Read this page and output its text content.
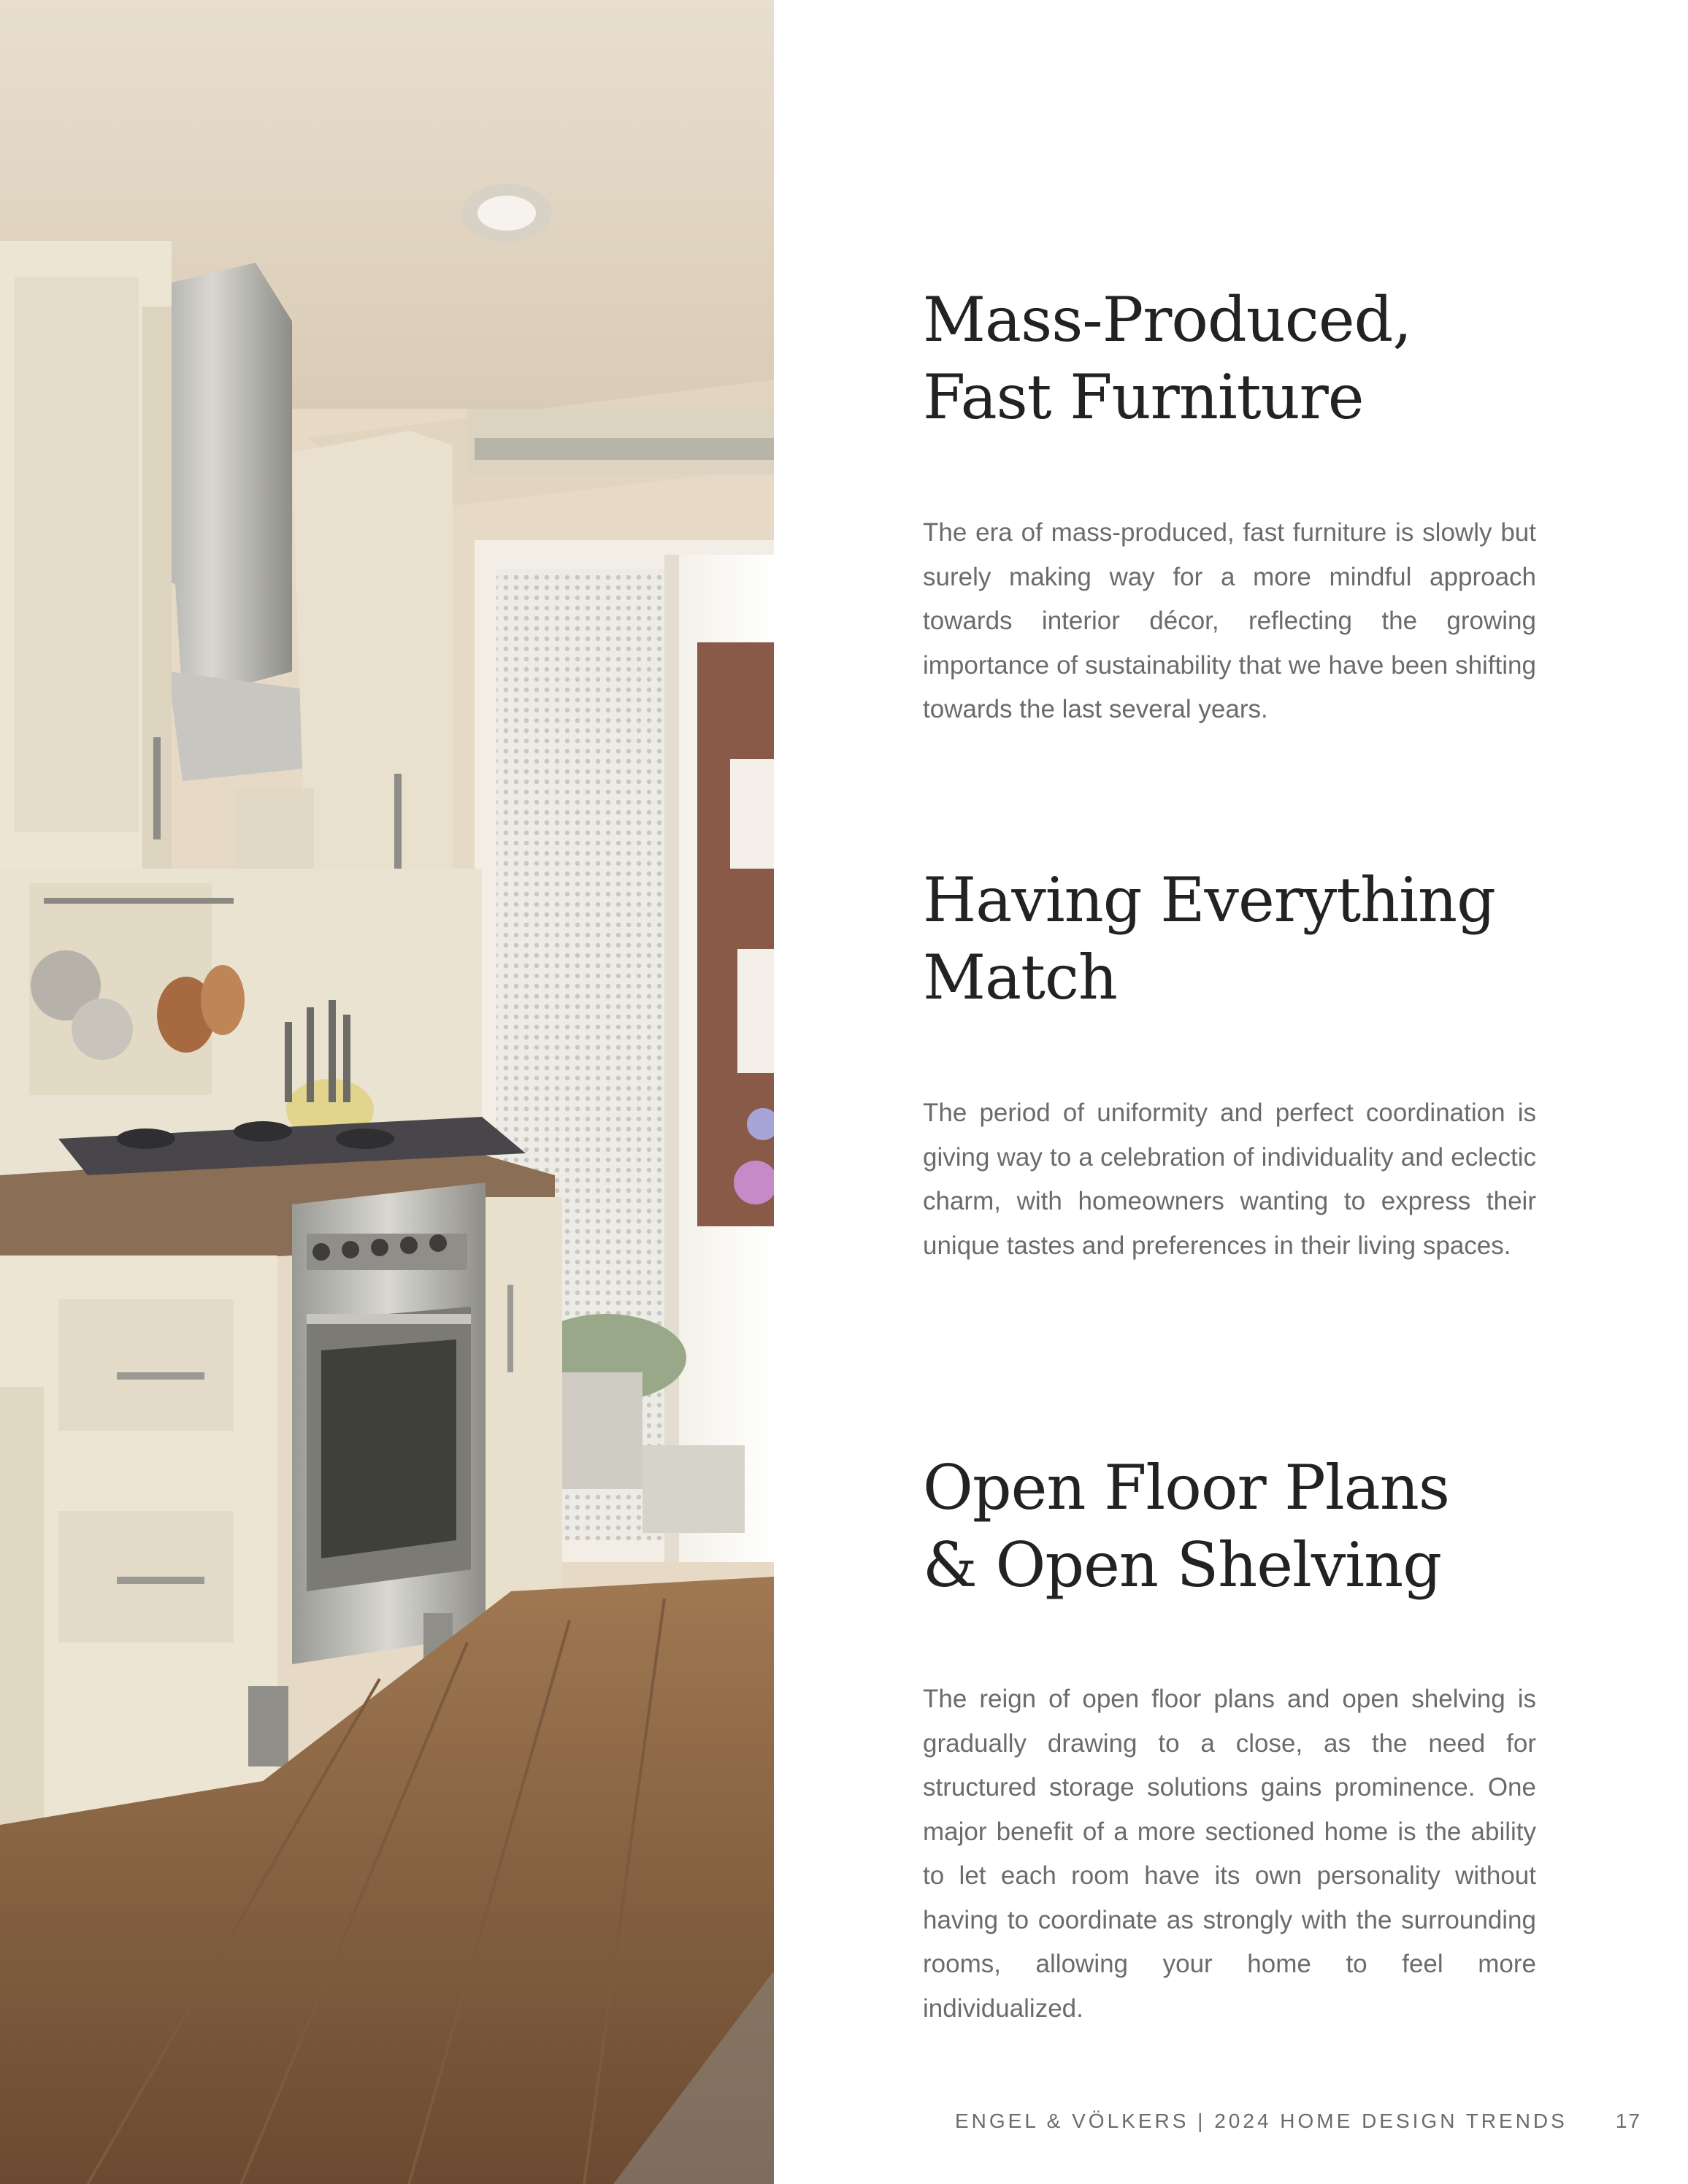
Mass-Produced,
Fast Furniture

The era of mass-produced, fast furniture is slowly but surely making way for a more mindful approach towards interior décor, reflecting the growing importance of sustainability that we have been shifting towards the last several years.

Having Everything
Match

The period of uniformity and perfect coordination is giving way to a celebration of individuality and eclectic charm, with homeowners wanting to express their unique tastes and preferences in their living spaces.

Open Floor Plans
& Open Shelving

The reign of open floor plans and open shelving is gradually drawing to a close, as the need for structured storage solutions gains prominence. One major benefit of a more sectioned home is the ability to let each room have its own personality without having to coordinate as strongly with the surrounding rooms, allowing your home to feel more individualized.

ENGEL & VÖLKERS | 2024 HOME DESIGN TRENDS 17
